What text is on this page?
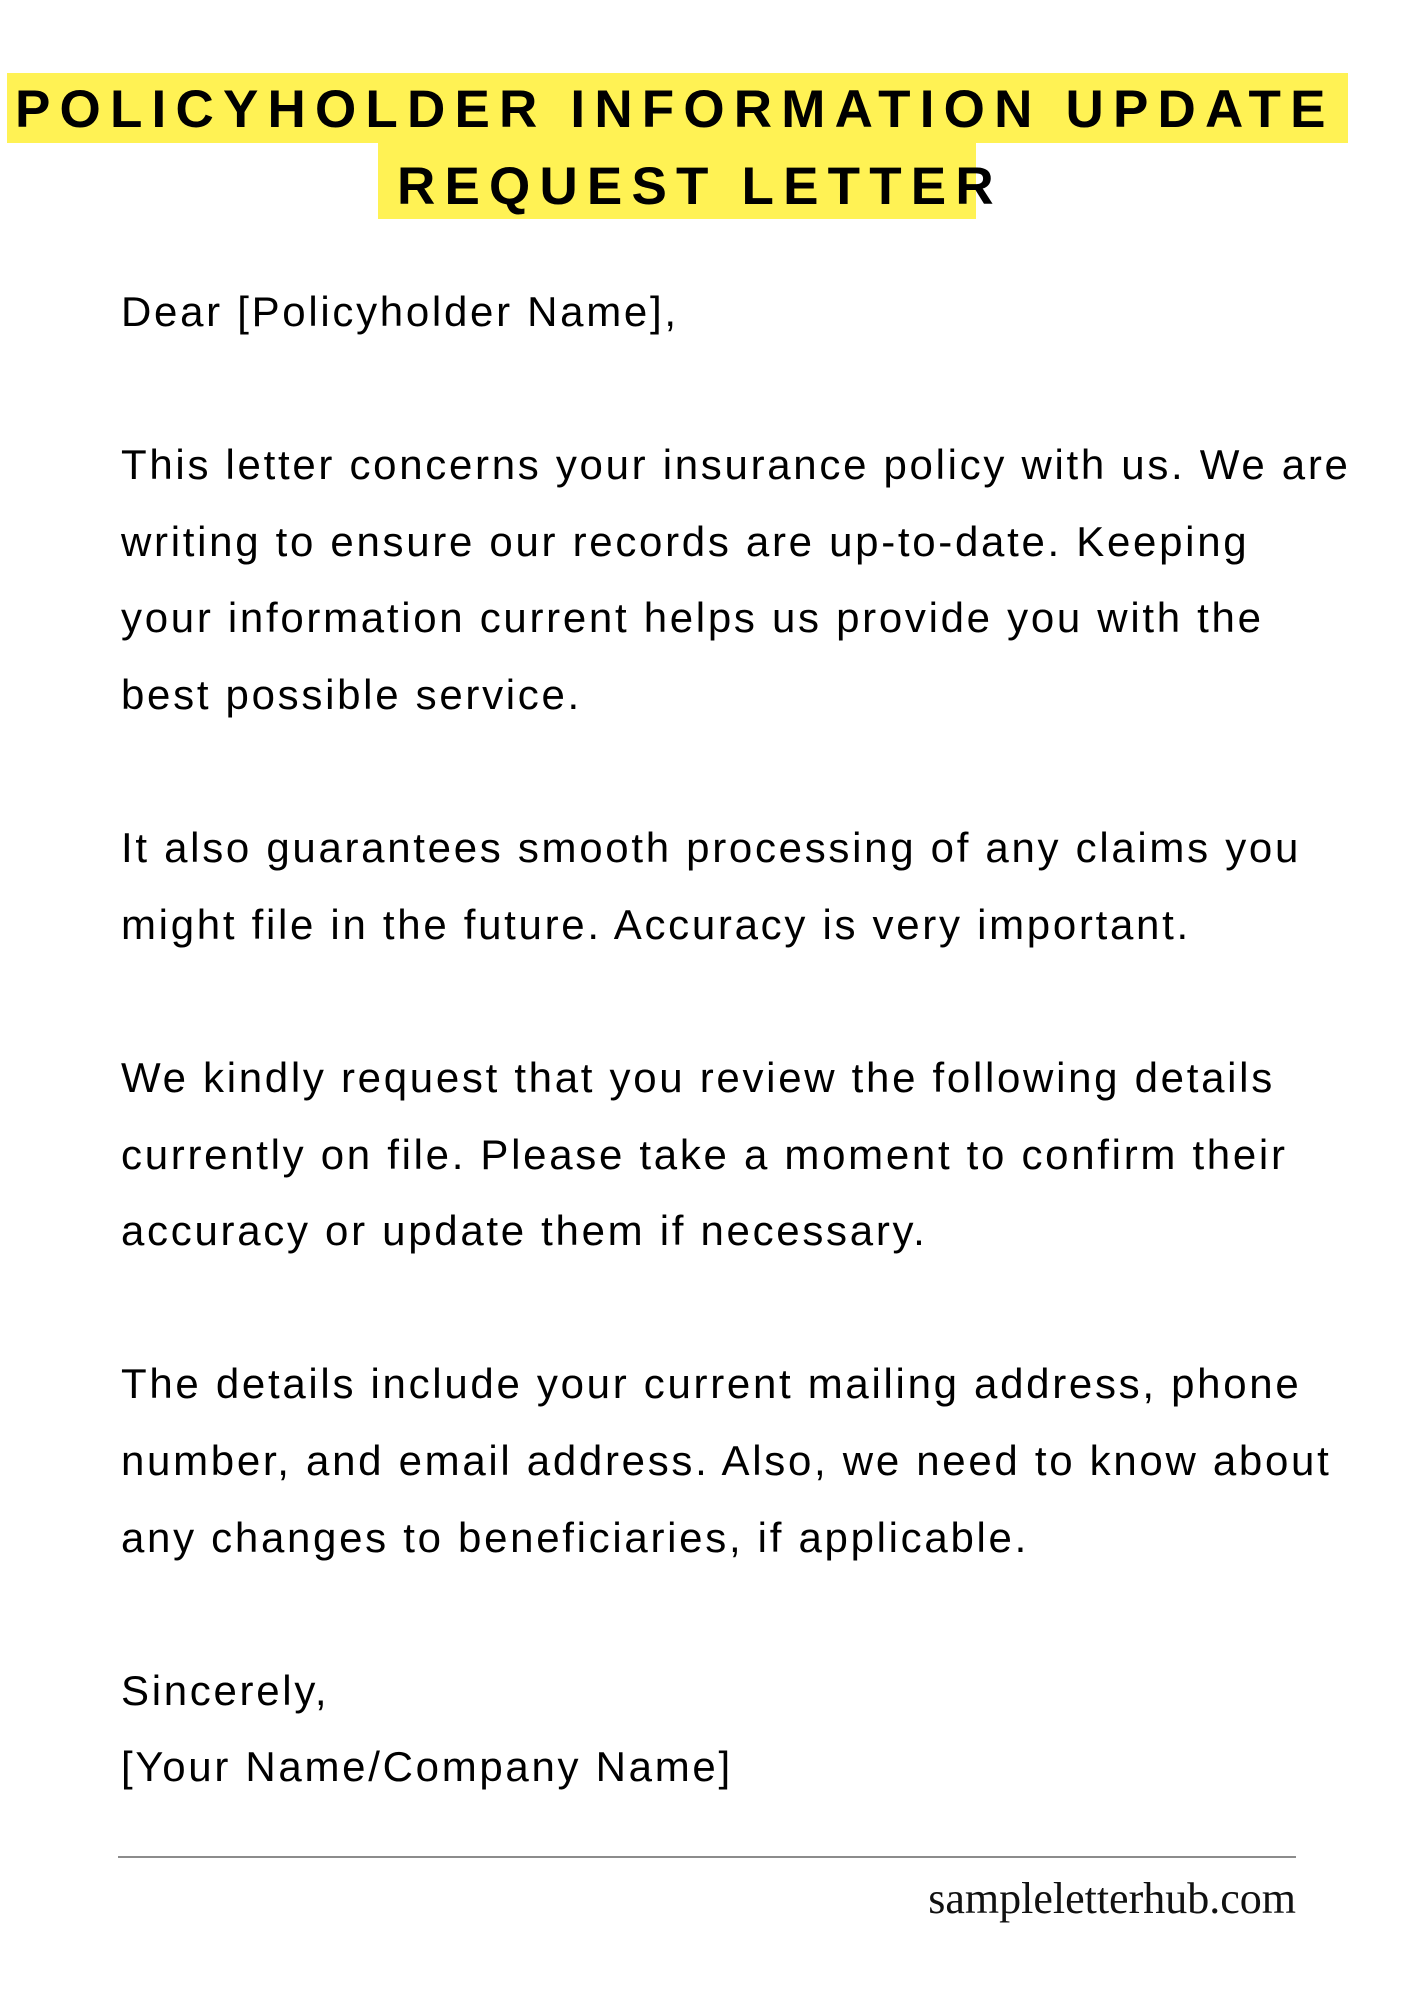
POLICYHOLDER INFORMATION UPDATE
REQUEST LETTER
Dear [Policyholder Name],
This letter concerns your insurance policy with us. We are
writing to ensure our records are up-to-date. Keeping
your information current helps us provide you with the
best possible service.
It also guarantees smooth processing of any claims you
might file in the future. Accuracy is very important.
We kindly request that you review the following details
currently on file. Please take a moment to confirm their
accuracy or update them if necessary.
The details include your current mailing address, phone
number, and email address. Also, we need to know about
any changes to beneficiaries, if applicable.
Sincerely,
[Your Name/Company Name]
sampleletterhub.com
